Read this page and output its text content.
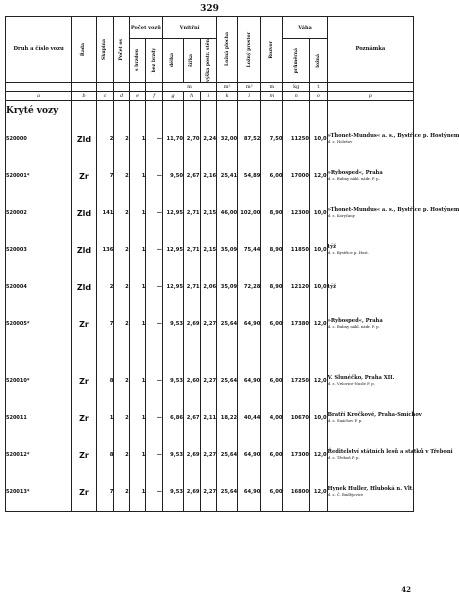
329
Druh a číslo vozu	Řada	Skupina	Počet os	Počet vozů		Vnitřní			Ložná plocha	Ložný prostor	Rozvor	Váha		Poznámka

				s brzdou	bez brzdy	délka	šířka	výška postr. stěn				průměrná	ložná	

						m			m²	m³	m	kg	t	
a	b	c	d	e	f	g	h	i	k	l	m	n	o	p
Kryté vozy														
520000	Zld	2	2	1	—	11,70	2,70	2,24	32,00	87,52	7,50	11250	10,0	»Thonet-Mundus« a. s., Bystřice p. Hostýnem
d. s. Holešov

520001*	Zr	7	2	1	—	9,50	2,67	2,16	25,41	54,89	6,00	17000	12,0	»Rybosped«, Praha
d. s. Bubny nákl. nádr. P. p.

520002	Zld	141	2	1	—	12,95	2,71	2,15	46,00	102,00	8,90	12300	10,0	»Thonet-Mundus« a. s., Bystřice p. Hostýnem
d. s. Koryčany

520003	Zld	136	2	1	—	12,95	2,71	2,15	35,09	75,44	8,90	11850	10,0	týž
d. s. Bystřice p. Host.

520004	Zld	2	2	1	—	12,95	2,71	2,06	35,09	72,28	8,90	12120	10,0	týž

520005*	Zr	7	2	1	—	9,53	2,69	2,27	25,64	64,90	6,00	17380	12,0	»Rybosped«, Praha
d. s. Bubny nákl. nádr. P. p.

520010*	Zr	8	2	1	—	9,53	2,60	2,27	25,64	64,90	6,00	17250	12,0	V. Slunéčko, Praha XII.
d. s. Vršovice-Nusle P. p.

520011	Zr	1	2	1	—	6,86	2,67	2,11	18,22	40,44	4,00	10670	10,0	Bratří Kročkové, Praha-Smíchov
d. s. Smíchov P. p.

520012*	Zr	8	2	1	—	9,53	2,69	2,27	25,64	64,90	6,00	17300	12,0	Ředitelství státních lesů a statků v Třeboni
d. s. Třeboň P. p.

520013*	Zr	7	2	1	—	9,53	2,69	2,27	25,64	64,90	6,00	16800	12,0	Hynek Huller, Hluboká n. Vlt.
d. s. Č. Budějovice
42
